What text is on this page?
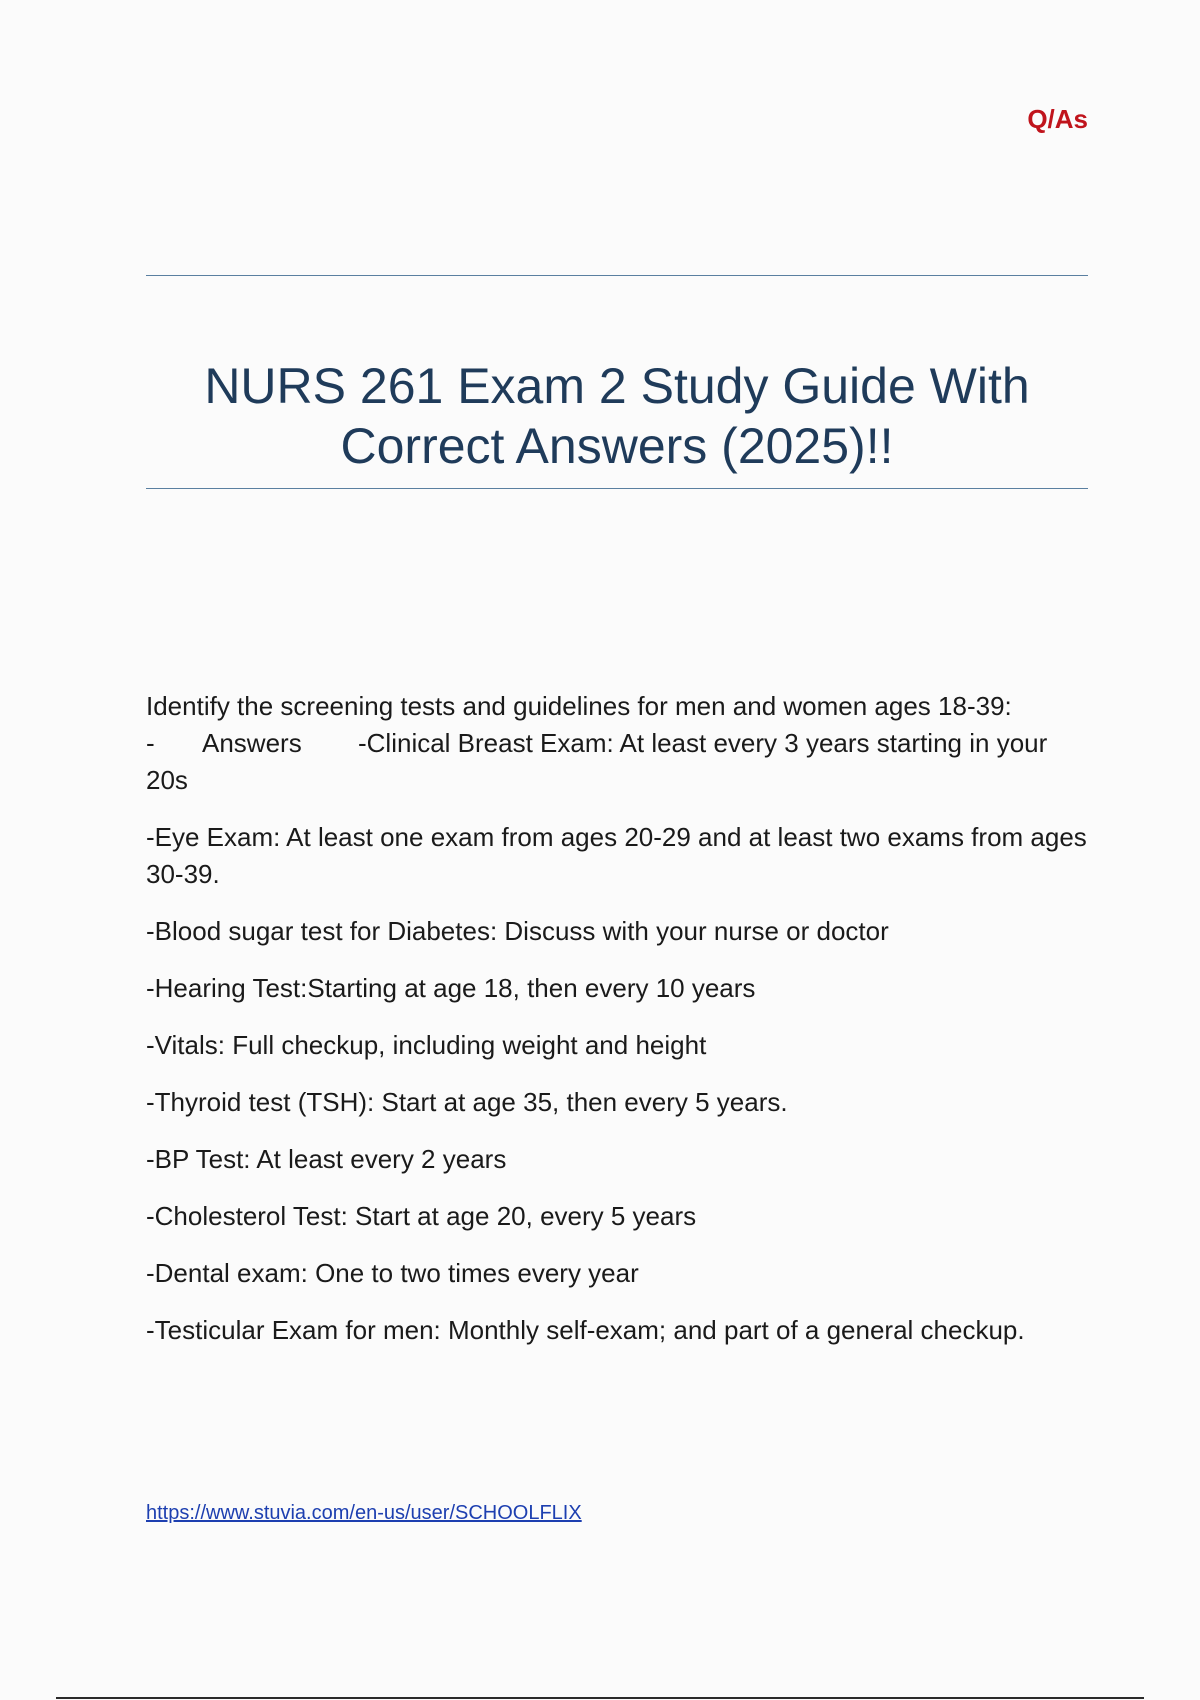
Q/As
NURS 261 Exam 2 Study Guide With
Correct Answers (2025)!!

Identify the screening tests and guidelines for men and women ages 18-39:
- Answers -Clinical Breast Exam: At least every 3 years starting in your 20s

-Eye Exam: At least one exam from ages 20-29 and at least two exams from ages 30-39.

-Blood sugar test for Diabetes: Discuss with your nurse or doctor

-Hearing Test:Starting at age 18, then every 10 years

-Vitals: Full checkup, including weight and height

-Thyroid test (TSH): Start at age 35, then every 5 years.

-BP Test: At least every 2 years

-Cholesterol Test: Start at age 20, every 5 years

-Dental exam: One to two times every year

-Testicular Exam for men: Monthly self-exam; and part of a general checkup.

https://www.stuvia.com/en-us/user/SCHOOLFLIX
